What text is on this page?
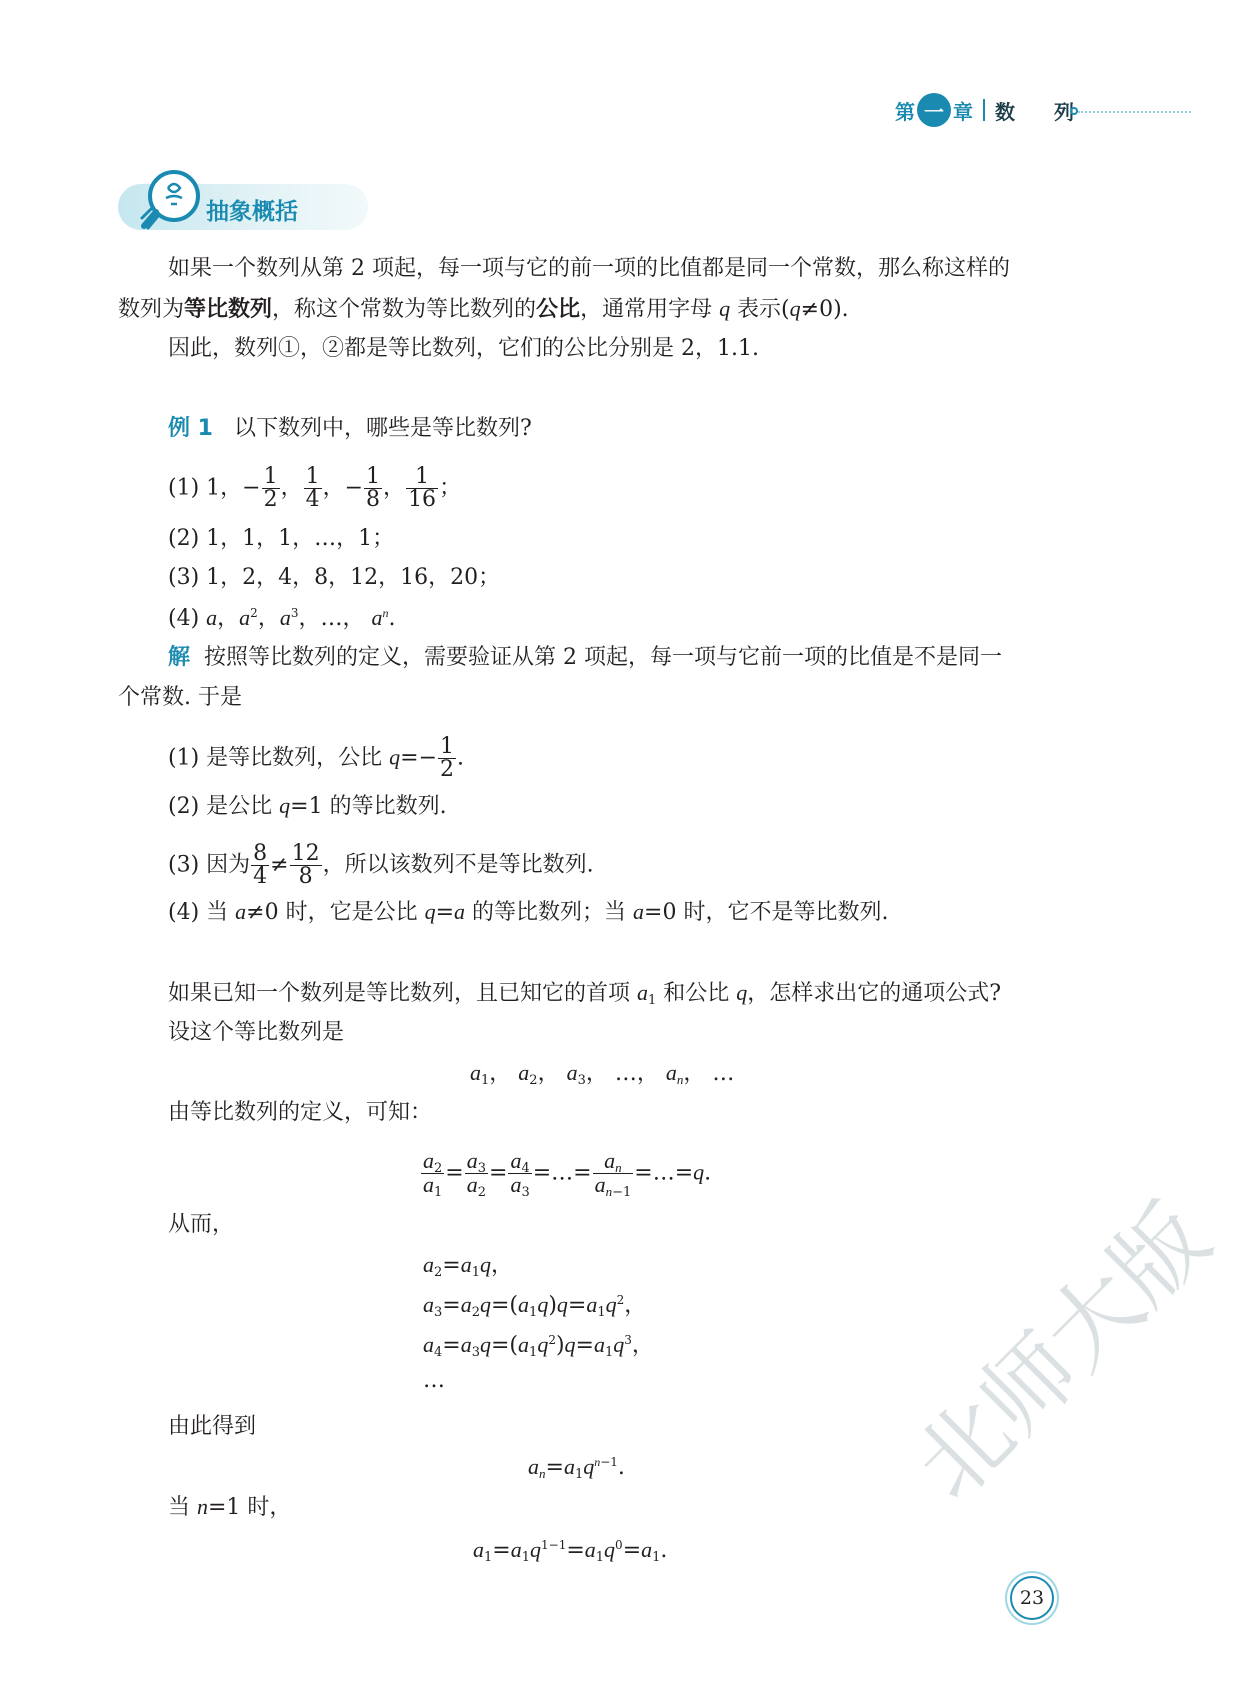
第 一 章 数 列
抽象概括
如果一个数列从第 2 项起，每一项与它的前一项的比值都是同一个常数，那么称这样的
数列为等比数列，称这个常数为等比数列的公比，通常用字母 q 表示(q≠0).
因此，数列①，②都是等比数列，它们的公比分别是 2，1.1.
例 1 以下数列中，哪些是等比数列?
(1) 1，− $\frac{1}{2}$ ， $\frac{1}{4}$ ，− $\frac{1}{8}$ ， $\frac{1}{16}$ ；
(2) 1，1，1，…，1；
(3) 1，2，4，8，12，16，20；
(4) a，$a^2$，$a^3$，…， $a^n$.
解 按照等比数列的定义，需要验证从第 2 项起，每一项与它前一项的比值是不是同一
个常数. 于是
(1) 是等比数列，公比 $q=- \frac{1}{2}$ .
(2) 是公比 q=1 的等比数列.
(3) 因为 $\frac{8}{4} \ne \frac{12}{8}$ ，所以该数列不是等比数列.
(4) 当 a≠0 时，它是公比 q=a 的等比数列；当 a=0 时，它不是等比数列.
如果已知一个数列是等比数列，且已知它的首项 $a_1$ 和公比 q，怎样求出它的通项公式?
设这个等比数列是
$a_1$， $a_2$， $a_3$， …， $a_n$， …
由等比数列的定义，可知：
$\frac{a_2}{a_1} = \frac{a_3}{a_2} = \frac{a_4}{a_3}$ =…= $\frac{a_n}{a_{n-1}}$ =…=q.
从而，
$a_2=a_1q$，
$a_3=a_2q=(a_1q)q=a_1q^2$，
$a_4=a_3q=(a_1q^2)q=a_1q^3$，
…
由此得到
$a_n=a_1q^{n-1}$.
当 n=1 时，
$a_1=a_1q^{1-1}=a_1q^0=a_1$.
北师大版
23
